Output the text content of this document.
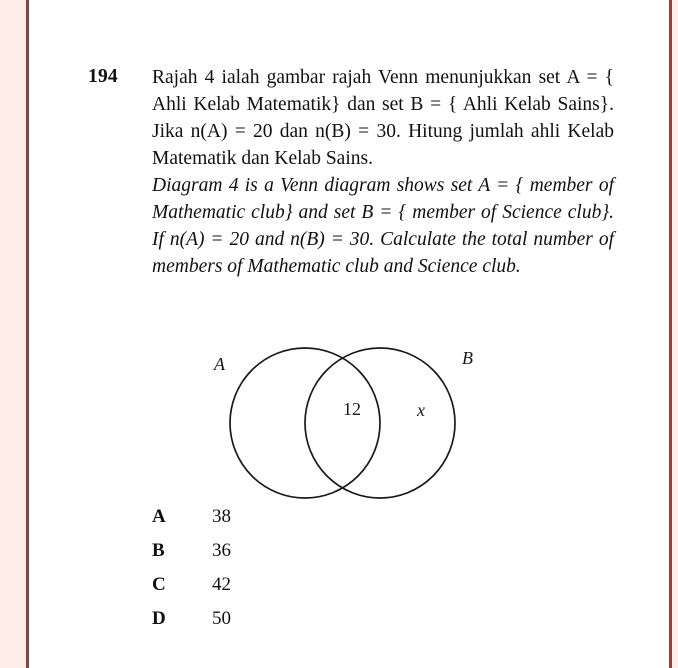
194	Rajah 4 ialah gambar rajah Venn menunjukkan set A = { Ahli Kelab Matematik} dan set B = { Ahli Kelab Sains}. Jika n(A) = 20 dan n(B) = 30. Hitung jumlah ahli Kelab Matematik dan Kelab Sains.

Diagram 4 is a Venn diagram shows set A = { member of Mathematic club} and set B = { member of Science club}. If n(A) = 20 and n(B) = 30. Calculate the total number of members of Mathematic club and Science club.

A	B
12	x
A	38
B	36
C	42
D	50
